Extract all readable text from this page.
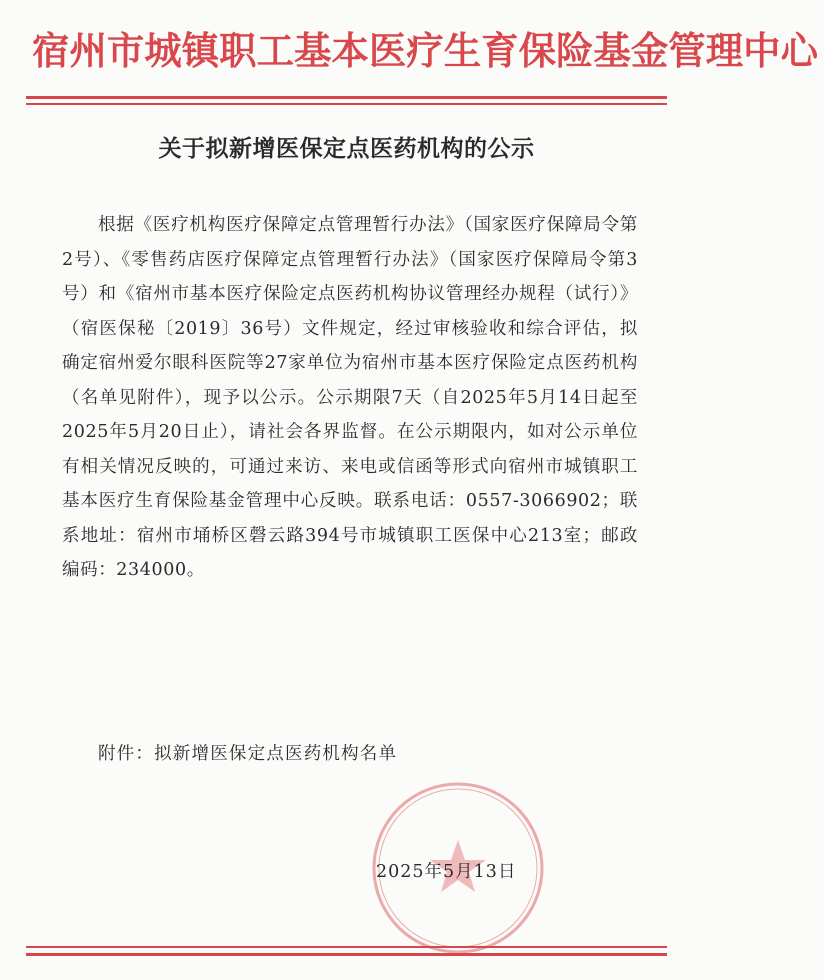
宿州市城镇职工基本医疗生育保险基金管理中心
关于拟新增医保定点医药机构的公示

根据《医疗机构医疗保障定点管理暂行办法》（国家医疗保障局令第2号）、《零售药店医疗保障定点管理暂行办法》（国家医疗保障局令第3号）和《宿州市基本医疗保险定点医药机构协议管理经办规程（试行）》（宿医保秘〔2019〕36号）文件规定，经过审核验收和综合评估，拟确定宿州爱尔眼科医院等27家单位为宿州市基本医疗保险定点医药机构（名单见附件），现予以公示。公示期限7天（自2025年5月14日起至2025年5月20日止），请社会各界监督。在公示期限内，如对公示单位有相关情况反映的，可通过来访、来电或信函等形式向宿州市城镇职工基本医疗生育保险基金管理中心反映。联系电话：0557-3066902；联系地址：宿州市埇桥区磬云路394号市城镇职工医保中心213室；邮政编码：234000。

附件：拟新增医保定点医药机构名单
2025年5月13日
